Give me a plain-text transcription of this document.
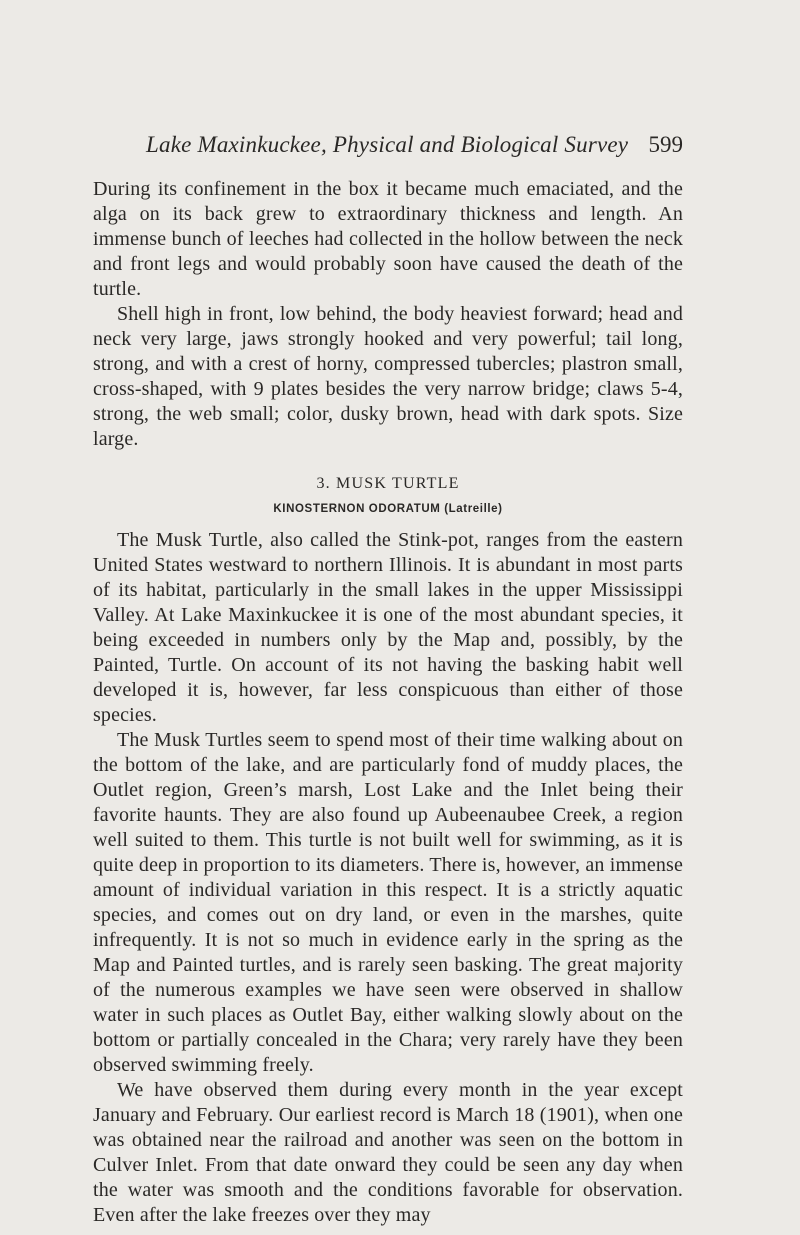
Lake Maxinkuckee, Physical and Biological Survey 599

During its confinement in the box it became much emaciated, and the alga on its back grew to extraordinary thickness and length. An immense bunch of leeches had collected in the hollow between the neck and front legs and would probably soon have caused the death of the turtle.

Shell high in front, low behind, the body heaviest forward; head and neck very large, jaws strongly hooked and very powerful; tail long, strong, and with a crest of horny, compressed tubercles; plastron small, cross-shaped, with 9 plates besides the very narrow bridge; claws 5-4, strong, the web small; color, dusky brown, head with dark spots. Size large.

3. MUSK TURTLE
KINOSTERNON ODORATUM (Latreille)

The Musk Turtle, also called the Stink-pot, ranges from the eastern United States westward to northern Illinois. It is abundant in most parts of its habitat, particularly in the small lakes in the upper Mississippi Valley. At Lake Maxinkuckee it is one of the most abundant species, it being exceeded in numbers only by the Map and, possibly, by the Painted, Turtle. On account of its not having the basking habit well developed it is, however, far less conspicuous than either of those species.

The Musk Turtles seem to spend most of their time walking about on the bottom of the lake, and are particularly fond of muddy places, the Outlet region, Green’s marsh, Lost Lake and the Inlet being their favorite haunts. They are also found up Aubeenaubee Creek, a region well suited to them. This turtle is not built well for swimming, as it is quite deep in proportion to its diameters. There is, however, an immense amount of individual variation in this respect. It is a strictly aquatic species, and comes out on dry land, or even in the marshes, quite infrequently. It is not so much in evidence early in the spring as the Map and Painted turtles, and is rarely seen basking. The great majority of the numerous examples we have seen were observed in shallow water in such places as Outlet Bay, either walking slowly about on the bottom or partially concealed in the Chara; very rarely have they been observed swimming freely.

We have observed them during every month in the year except January and February. Our earliest record is March 18 (1901), when one was obtained near the railroad and another was seen on the bottom in Culver Inlet. From that date onward they could be seen any day when the water was smooth and the conditions favorable for observation. Even after the lake freezes over they may
